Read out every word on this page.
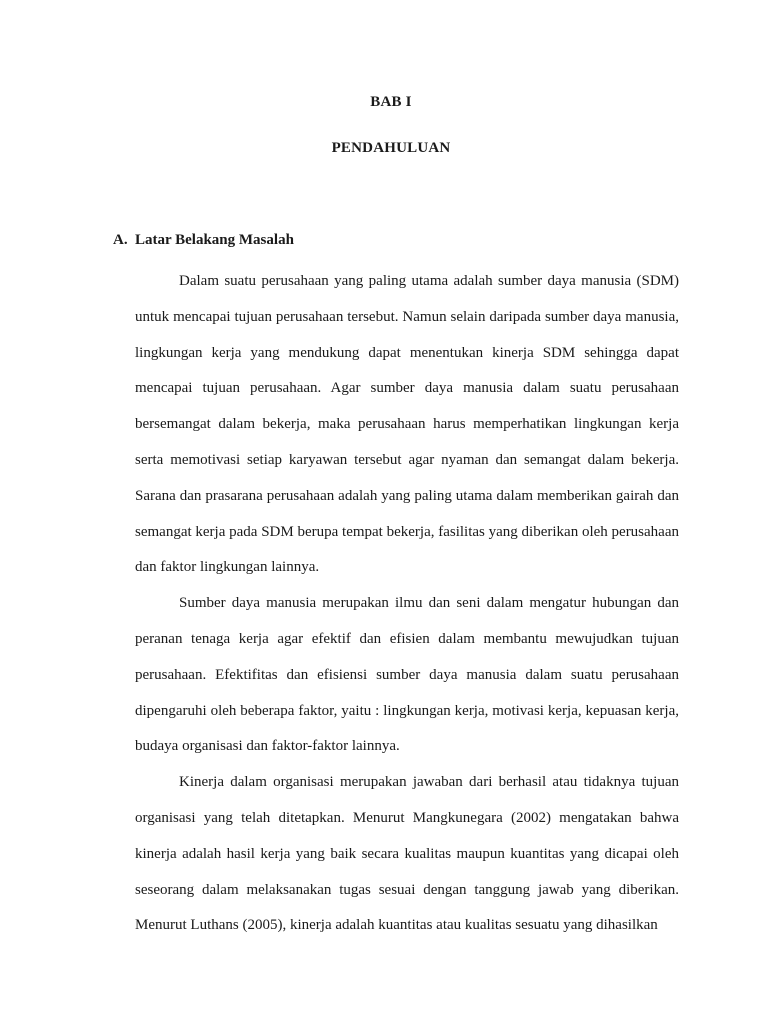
BAB I
PENDAHULUAN
A. Latar Belakang Masalah

Dalam suatu perusahaan yang paling utama adalah sumber daya manusia (SDM) untuk mencapai tujuan perusahaan tersebut. Namun selain daripada sumber daya manusia, lingkungan kerja yang mendukung dapat menentukan kinerja SDM sehingga dapat mencapai tujuan perusahaan. Agar sumber daya manusia dalam suatu perusahaan bersemangat dalam bekerja, maka perusahaan harus memperhatikan lingkungan kerja serta memotivasi setiap karyawan tersebut agar nyaman dan semangat dalam bekerja. Sarana dan prasarana perusahaan adalah yang paling utama dalam memberikan gairah dan semangat kerja pada SDM berupa tempat bekerja, fasilitas yang diberikan oleh perusahaan dan faktor lingkungan lainnya.

Sumber daya manusia merupakan ilmu dan seni dalam mengatur hubungan dan peranan tenaga kerja agar efektif dan efisien dalam membantu mewujudkan tujuan perusahaan. Efektifitas dan efisiensi sumber daya manusia dalam suatu perusahaan dipengaruhi oleh beberapa faktor, yaitu : lingkungan kerja, motivasi kerja, kepuasan kerja, budaya organisasi dan faktor-faktor lainnya.

Kinerja dalam organisasi merupakan jawaban dari berhasil atau tidaknya tujuan organisasi yang telah ditetapkan. Menurut Mangkunegara (2002) mengatakan bahwa kinerja adalah hasil kerja yang baik secara kualitas maupun kuantitas yang dicapai oleh seseorang dalam melaksanakan tugas sesuai dengan tanggung jawab yang diberikan. Menurut Luthans (2005), kinerja adalah kuantitas atau kualitas sesuatu yang dihasilkan
